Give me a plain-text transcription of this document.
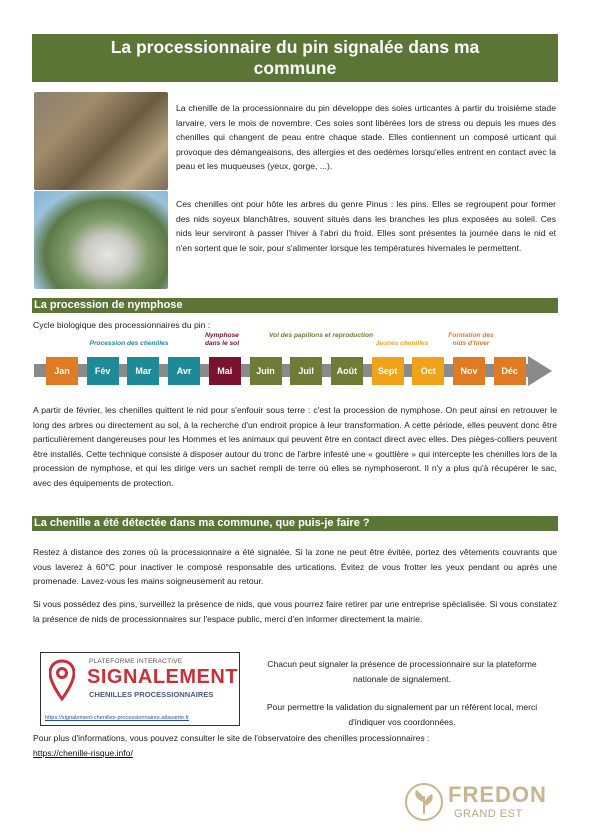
La processionnaire du pin signalée dans ma commune

La chenille de la processionnaire du pin développe des soies urticantes à partir du troisième stade larvaire, vers le mois de novembre. Ces soies sont libérées lors de stress ou depuis les mues des chenilles qui changent de peau entre chaque stade. Elles contiennent un composé urticant qui provoque des démangeaisons, des allergies et des oedèmes lorsqu'elles entrent en contact avec la peau et les muqueuses (yeux, gorge, ...).

Ces chenilles ont pour hôte les arbres du genre Pinus : les pins. Elles se regroupent pour former des nids soyeux blanchâtres, souvent situés dans les branches les plus exposées au soleil. Ces nids leur serviront à passer l'hiver à l'abri du froid. Elles sont présentes la journée dans le nid et n'en sortent que le soir, pour s'alimenter lorsque les températures hivernales le permettent.

La procession de nymphose
Cycle biologique des processionnaires du pin :
Jan	Fév	Mar	Avr	Mai	Juin	Juil	Août	Sept	Oct	Nov	Déc
Procession des chenilles
Nymphose dans le sol
Vol des papillons et reproduction
Jeunes chenilles
Formation des nids d'hiver

A partir de février, les chenilles quittent le nid pour s'enfouir sous terre : c'est la procession de nymphose. On peut ainsi en retrouver le long des arbres ou directement au sol, à la recherche d'un endroit propice à leur transformation. A cette période, elles peuvent donc être particulièrement dangereuses pour les Hommes et les animaux qui peuvent être en contact direct avec elles. Des pièges-colliers peuvent être installés. Cette technique consiste à disposer autour du tronc de l'arbre infesté une « gouttière » qui intercepte les chenilles lors de la procession de nymphose, et qui les dirige vers un sachet rempli de terre où elles se nymphoseront. Il n'y a plus qu'à récupérer le sac, avec des équipements de protection.

La chenille a été détectée dans ma commune, que puis-je faire ?

Restez à distance des zones où la processionnaire a été signalée. Si la zone ne peut être évitée, portez des vêtements couvrants que vous laverez à 60°C pour inactiver le composé responsable des urtications. Évitez de vous frotter les yeux pendant ou après une promenade. Lavez-vous les mains soigneusement au retour.

Si vous possédez des pins, surveillez la présence de nids, que vous pourrez faire retirer par une entreprise spécialisée. Si vous constatez la présence de nids de processionnaires sur l'espace public, merci d'en informer directement la mairie.

PLATEFORME INTERACTIVE
SIGNALEMENT
CHENILLES PROCESSIONNAIRES
https://signalement-chenilles-processionnaires.atlasante.fr

Chacun peut signaler la présence de processionnaire sur la plateforme nationale de signalement.

Pour permettre la validation du signalement par un référent local, merci d'indiquer vos coordonnées.

Pour plus d'informations, vous pouvez consulter le site de l'observatoire des chenilles processionnaires :
https://chenille-risque.info/
FREDON
GRAND EST
